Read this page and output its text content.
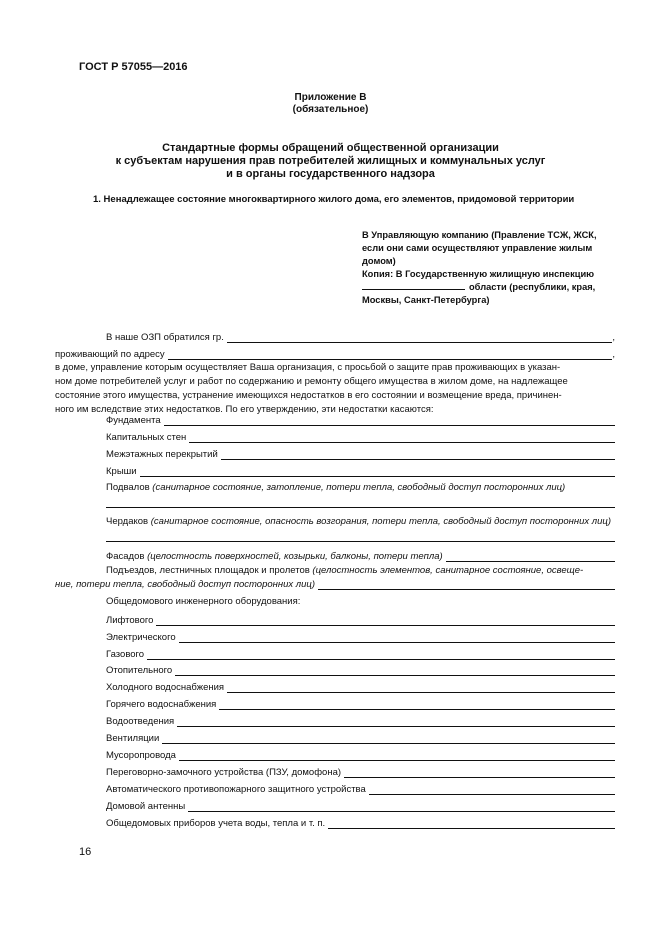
ГОСТ Р 57055—2016
Приложение В
(обязательное)
Стандартные формы обращений общественной организации
к субъектам нарушения прав потребителей жилищных и коммунальных услуг
и в органы государственного надзора
1. Ненадлежащее состояние многоквартирного жилого дома, его элементов, придомовой территории
В Управляющую компанию (Правление ТСЖ, ЖСК,
если они сами осуществляют управление жилым
домом)
Копия: В Государственную жилищную инспекцию
области (республики, края,
Москвы, Санкт-Петербурга)
В наше ОЗП обратился гр.	,
проживающий по адресу	,
в доме, управление которым осуществляет Ваша организация, с просьбой о защите прав проживающих в указан-
ном доме потребителей услуг и работ по содержанию и ремонту общего имущества в жилом доме, на надлежащее
состояние этого имущества, устранение имеющихся недостатков в его состоянии и возмещение вреда, причинен-
ного им вследствие этих недостатков. По его утверждению, эти недостатки касаются:
Фундамента
Капитальных стен
Межэтажных перекрытий
Крыши
Подвалов (санитарное состояние, затопление, потери тепла, свободный доступ посторонних лиц)
Чердаков (санитарное состояние, опасность возгорания, потери тепла, свободный доступ посторонних лиц)
Фасадов
(целостность поверхностей, козырьки, балконы, потери тепла)
Подъездов, лестничных площадок и пролетов (целостность элементов, санитарное состояние, освеще-
ние, потери тепла, свободный доступ посторонних лиц)
Общедомового инженерного оборудования:
Лифтового
Электрического
Газового
Отопительного
Холодного водоснабжения
Горячего водоснабжения
Водоотведения
Вентиляции
Мусоропровода
Переговорно-замочного устройства (ПЗУ, домофона)
Автоматического противопожарного защитного устройства
Домовой антенны
Общедомовых приборов учета воды, тепла и т. п.
16
